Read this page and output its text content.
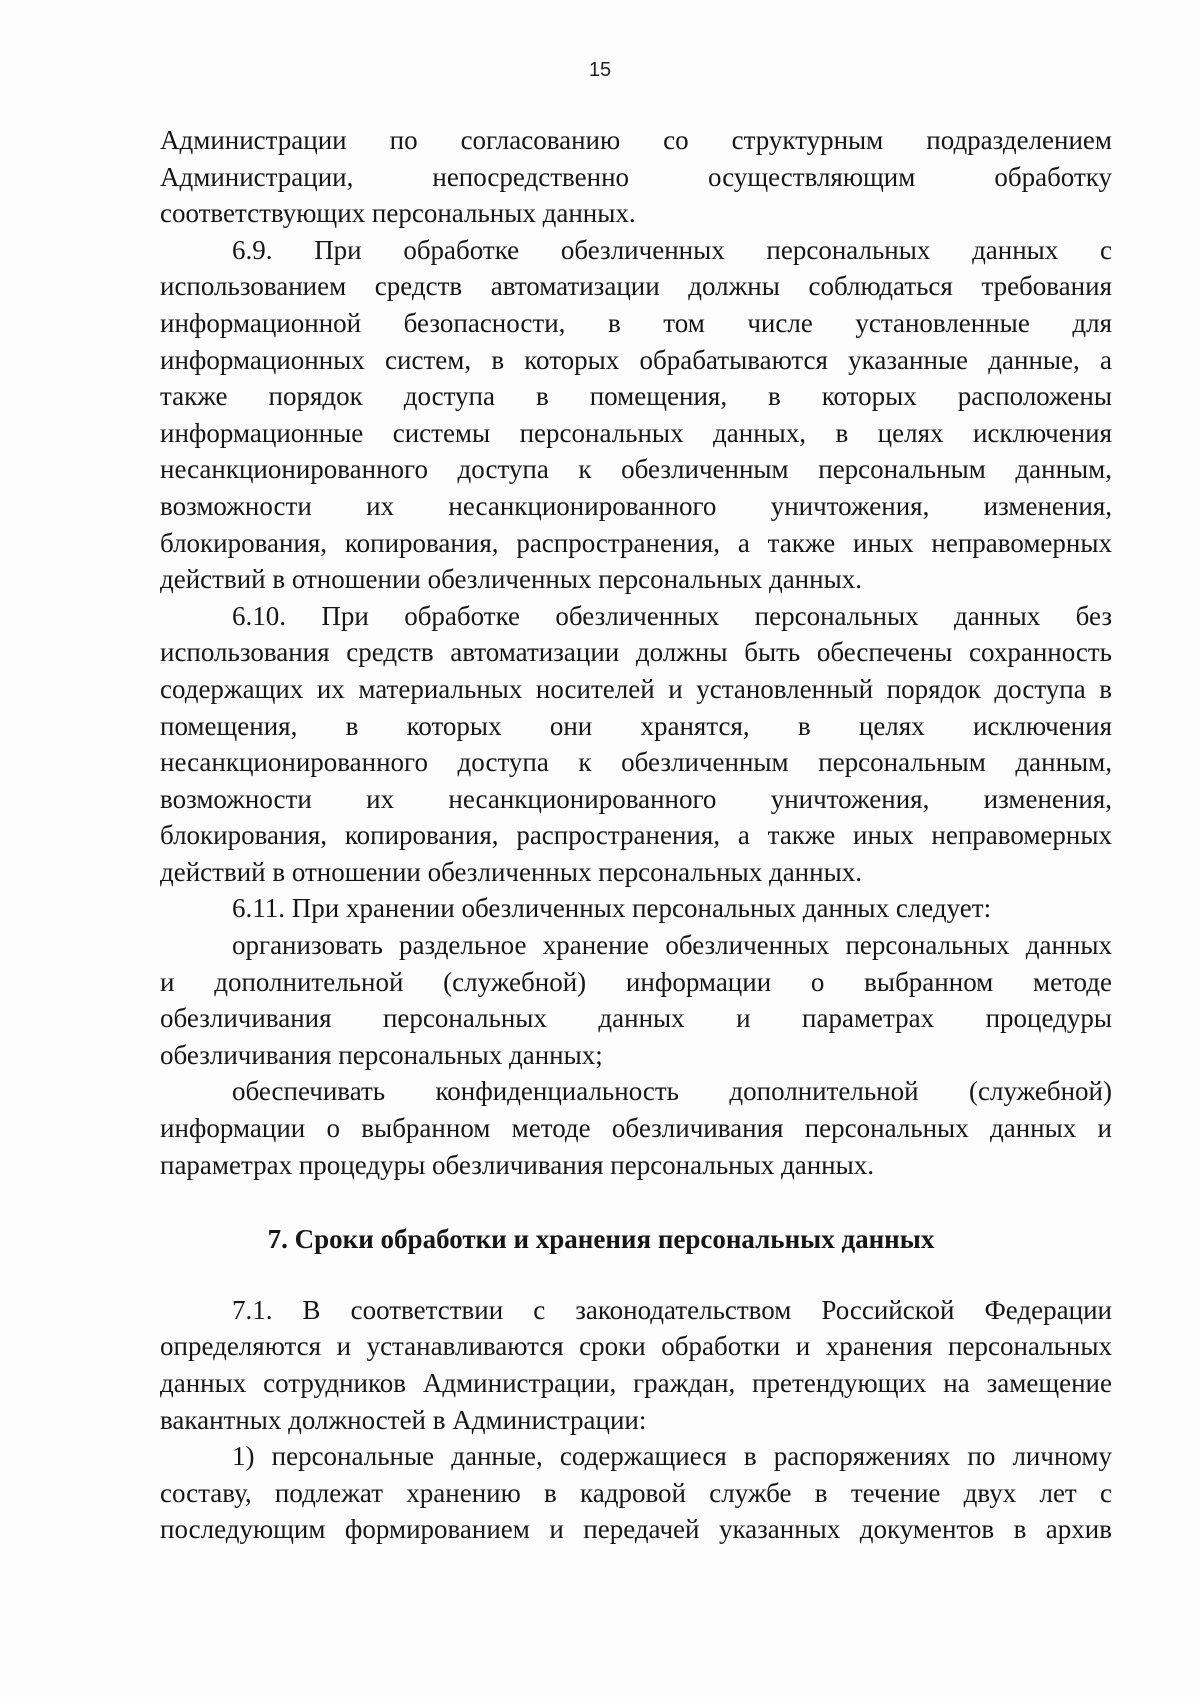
15
Администрации по согласованию со структурным подразделением
Администрации, непосредственно осуществляющим обработку
соответствующих персональных данных.
6.9. При обработке обезличенных персональных данных с
использованием средств автоматизации должны соблюдаться требования
информационной безопасности, в том числе установленные для
информационных систем, в которых обрабатываются указанные данные, а
также порядок доступа в помещения, в которых расположены
информационные системы персональных данных, в целях исключения
несанкционированного доступа к обезличенным персональным данным,
возможности их несанкционированного уничтожения, изменения,
блокирования, копирования, распространения, а также иных неправомерных
действий в отношении обезличенных персональных данных.
6.10. При обработке обезличенных персональных данных без
использования средств автоматизации должны быть обеспечены сохранность
содержащих их материальных носителей и установленный порядок доступа в
помещения, в которых они хранятся, в целях исключения
несанкционированного доступа к обезличенным персональным данным,
возможности их несанкционированного уничтожения, изменения,
блокирования, копирования, распространения, а также иных неправомерных
действий в отношении обезличенных персональных данных.
6.11. При хранении обезличенных персональных данных следует:
организовать раздельное хранение обезличенных персональных данных
и дополнительной (служебной) информации о выбранном методе
обезличивания персональных данных и параметрах процедуры
обезличивания персональных данных;
обеспечивать конфиденциальность дополнительной (служебной)
информации о выбранном методе обезличивания персональных данных и
параметрах процедуры обезличивания персональных данных.
7. Сроки обработки и хранения персональных данных
7.1. В соответствии с законодательством Российской Федерации
определяются и устанавливаются сроки обработки и хранения персональных
данных сотрудников Администрации, граждан, претендующих на замещение
вакантных должностей в Администрации:
1) персональные данные, содержащиеся в распоряжениях по личному
составу, подлежат хранению в кадровой службе в течение двух лет с
последующим формированием и передачей указанных документов в архив
